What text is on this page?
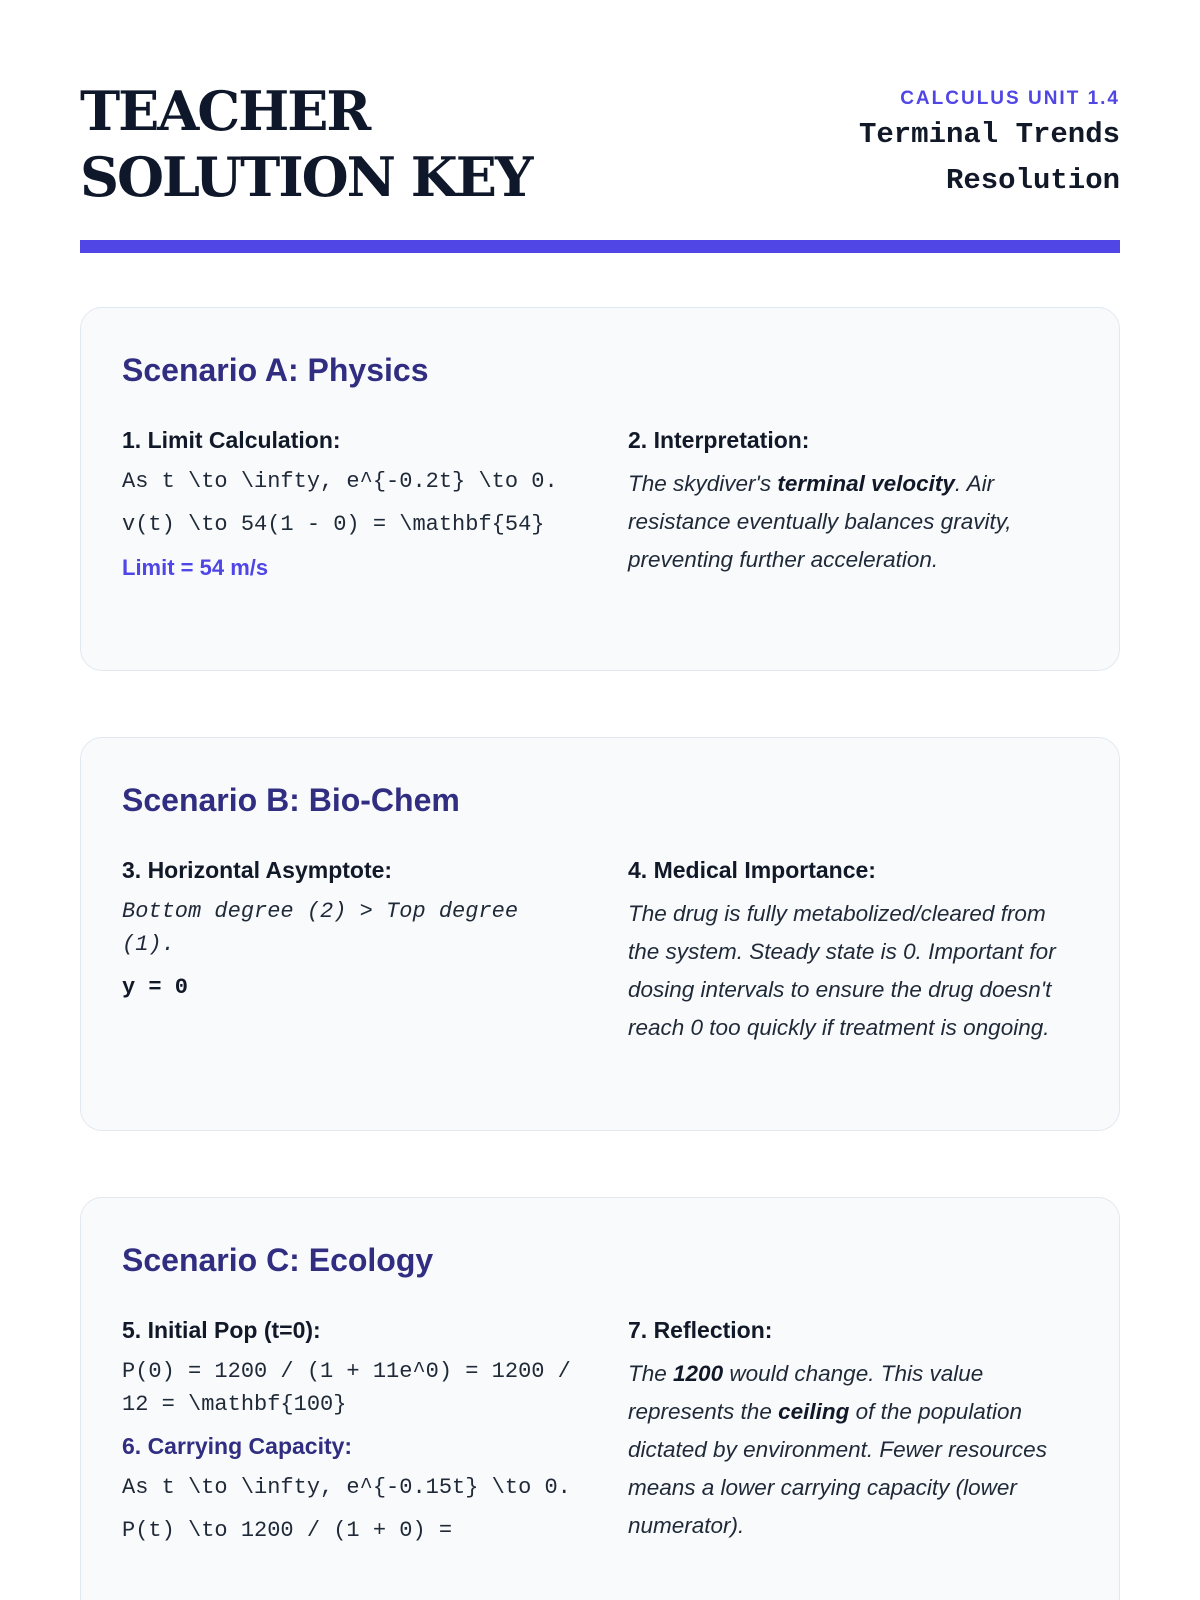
TEACHER SOLUTION KEY
CALCULUS UNIT 1.4
Terminal Trends Resolution
Scenario A: Physics
1. Limit Calculation:
As t \to \infty, e^{-0.2t} \to 0.
v(t) \to 54(1 - 0) = \mathbf{54}
Limit = 54 m/s
2. Interpretation:

The skydiver's terminal velocity. Air resistance eventually balances gravity, preventing further acceleration.

Scenario B: Bio-Chem
3. Horizontal Asymptote:
Bottom degree (2) > Top degree (1).
y = 0
4. Medical Importance:

The drug is fully metabolized/cleared from the system. Steady state is 0. Important for dosing intervals to ensure the drug doesn't reach 0 too quickly if treatment is ongoing.

Scenario C: Ecology
5. Initial Pop (t=0):
P(0) = 1200 / (1 + 11e^0) = 1200 / 12 = \mathbf{100}
6. Carrying Capacity:
As t \to \infty, e^{-0.15t} \to 0.
P(t) \to 1200 / (1 + 0) =
7. Reflection:

The 1200 would change. This value represents the ceiling of the population dictated by environment. Fewer resources means a lower carrying capacity (lower numerator).
